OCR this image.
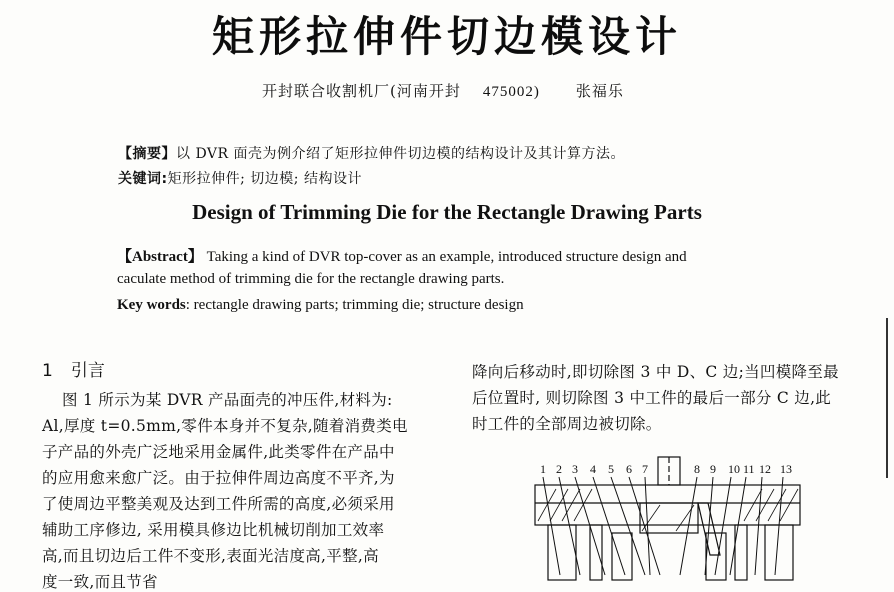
矩形拉伸件切边模设计
开封联合收割机厂(河南开封 475002) 张福乐
【摘要】以 DVR 面壳为例介绍了矩形拉伸件切边模的结构设计及其计算方法。
关键词:矩形拉伸件; 切边模; 结构设计
Design of Trimming Die for the Rectangle Drawing Parts
【Abstract】 Taking a kind of DVR top-cover as an example, introduced structure design and
caculate method of trimming die for the rectangle drawing parts.
Key words: rectangle drawing parts; trimming die; structure design
1 引言
图 1 所示为某 DVR 产品面壳的冲压件,材料为:
Al,厚度 t=0.5mm,零件本身并不复杂,随着消费类电
子产品的外壳广泛地采用金属件,此类零件在产品中
的应用愈来愈广泛。由于拉伸件周边高度不平齐,为
了使周边平整美观及达到工件所需的高度,必须采用
辅助工序修边, 采用模具修边比机械切削加工效率
高,而且切边后工件不变形,表面光洁度高,平整,高
度一致,而且节省
降向后移动时,即切除图 3 中 D、C 边;当凹模降至最
后位置时, 则切除图 3 中工件的最后一部分 C 边,此
时工件的全部周边被切除。
1 2 3 4 5 6 7	8 9 10 11 12 13
